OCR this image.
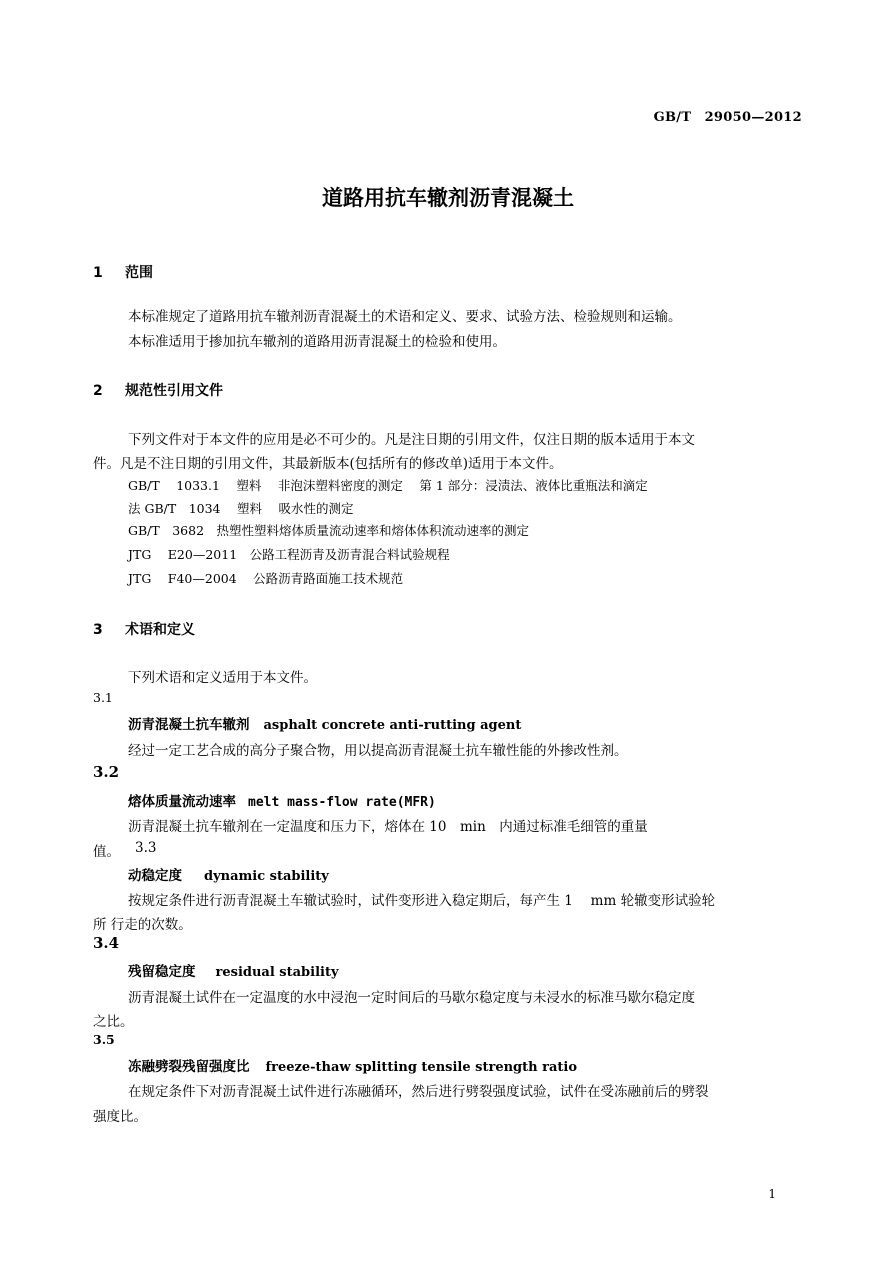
GB/T　29050—2012
道路用抗车辙剂沥青混凝土
1 范围
本标准规定了道路用抗车辙剂沥青混凝土的术语和定义、要求、试验方法、检验规则和运输。
本标准适用于掺加抗车辙剂的道路用沥青混凝土的检验和使用。
2 规范性引用文件
下列文件对于本文件的应用是必不可少的。凡是注日期的引用文件，仅注日期的版本适用于本文
件。凡是不注日期的引用文件，其最新版本(包括所有的修改单)适用于本文件。
GB/T　 1033.1　 塑料　 非泡沫塑料密度的测定　 第 1 部分：浸渍法、液体比重瓶法和滴定
法 GB/T　1034　 塑料　 吸水性的测定
GB/T　3682　热塑性塑料熔体质量流动速率和熔体体积流动速率的测定
JTG　 E20—2011　公路工程沥青及沥青混合料试验规程
JTG　 F40—2004　 公路沥青路面施工技术规范
3 术语和定义
下列术语和定义适用于本文件。
3.1
沥青混凝土抗车辙剂 asphalt concrete anti-rutting agent
经过一定工艺合成的高分子聚合物，用以提高沥青混凝土抗车辙性能的外掺改性剂。
3.2
熔体质量流动速率 melt mass-flow rate(MFR)
沥青混凝土抗车辙剂在一定温度和压力下，熔体在 10　min　内通过标准毛细管的重量
值。 3.3
动稳定度 dynamic stability
按规定条件进行沥青混凝土车辙试验时，试件变形进入稳定期后，每产生 1　 mm 轮辙变形试验轮
所 行走的次数。
3.4
残留稳定度 residual stability
沥青混凝土试件在一定温度的水中浸泡一定时间后的马歇尔稳定度与未浸水的标准马歇尔稳定度
之比。
3.5
冻融劈裂残留强度比 freeze-thaw splitting tensile strength ratio
在规定条件下对沥青混凝土试件进行冻融循环，然后进行劈裂强度试验，试件在受冻融前后的劈裂
强度比。
1
